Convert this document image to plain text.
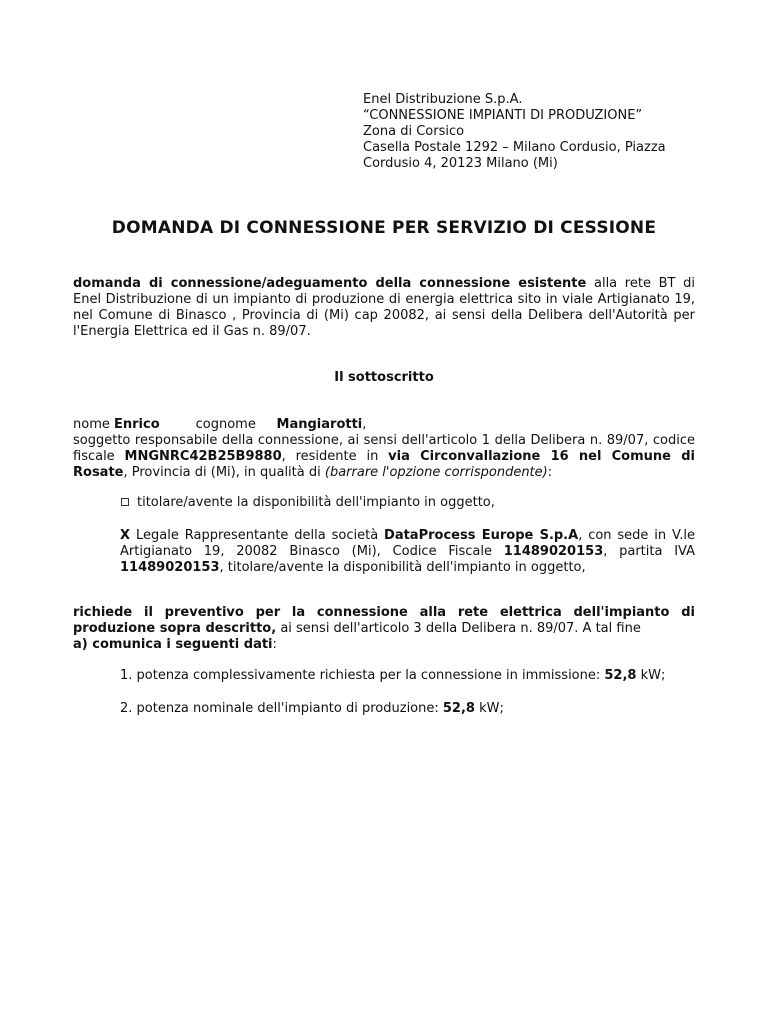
Enel Distribuzione S.p.A.
“CONNESSIONE IMPIANTI DI PRODUZIONE”
Zona di Corsico
Casella Postale 1292 – Milano Cordusio, Piazza
Cordusio 4, 20123 Milano (Mi)
DOMANDA DI CONNESSIONE PER SERVIZIO DI CESSIONE
domanda di connessione/adeguamento della connessione esistente alla rete BT di Enel Distribuzione di un impianto di produzione di energia elettrica sito in viale Artigianato 19, nel Comune di Binasco , Provincia di (Mi) cap 20082, ai sensi della Delibera dell'Autorità per l'Energia Elettrica ed il Gas n. 89/07.
Il sottoscritto
nome Enrico	cognome Mangiarotti,
soggetto responsabile della connessione, ai sensi dell'articolo 1 della Delibera n. 89/07, codice fiscale MNGNRC42B25B9880, residente in via Circonvallazione 16 nel Comune di Rosate, Provincia di (Mi), in qualità di (barrare l'opzione corrispondente):
titolare/avente la disponibilità dell'impianto in oggetto,
X Legale Rappresentante della società DataProcess Europe S.p.A, con sede in V.le Artigianato 19, 20082 Binasco (Mi), Codice Fiscale 11489020153, partita IVA 11489020153, titolare/avente la disponibilità dell'impianto in oggetto,
richiede il preventivo per la connessione alla rete elettrica dell'impianto di produzione sopra descritto, ai sensi dell'articolo 3 della Delibera n. 89/07. A tal fine
a) comunica i seguenti dati:
1. potenza complessivamente richiesta per la connessione in immissione: 52,8 kW;
2. potenza nominale dell'impianto di produzione: 52,8 kW;
